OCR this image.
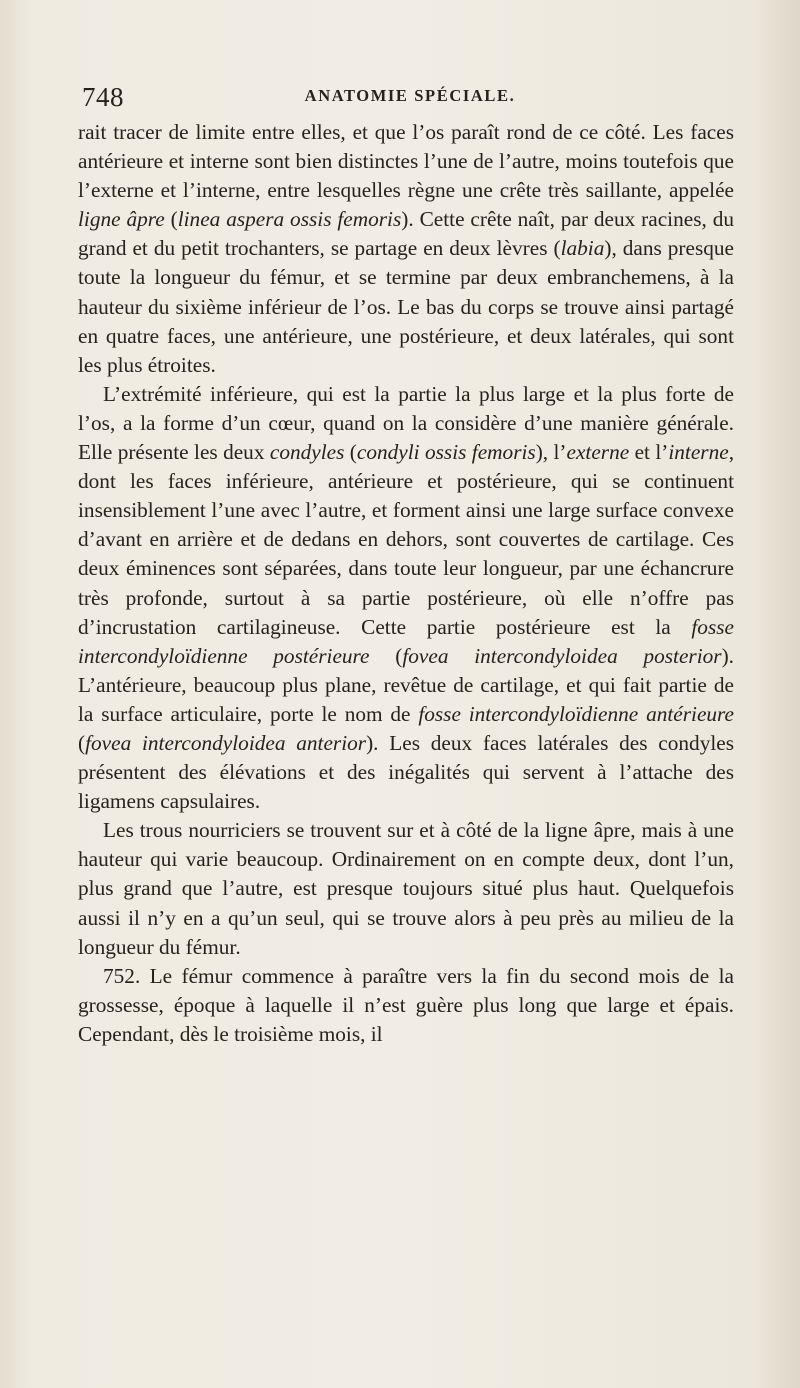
748	ANATOMIE SPÉCIALE.

rait tracer de limite entre elles, et que l’os paraît rond de ce côté. Les faces antérieure et interne sont bien distinctes l’une de l’autre, moins toutefois que l’externe et l’interne, entre lesquelles règne une crête très saillante, appelée ligne âpre (linea aspera ossis femoris). Cette crête naît, par deux racines, du grand et du petit trochanters, se partage en deux lèvres (labia), dans presque toute la longueur du fémur, et se termine par deux embranchemens, à la hauteur du sixième inférieur de l’os. Le bas du corps se trouve ainsi partagé en quatre faces, une antérieure, une postérieure, et deux latérales, qui sont les plus étroites.

L’extrémité inférieure, qui est la partie la plus large et la plus forte de l’os, a la forme d’un cœur, quand on la considère d’une manière générale. Elle présente les deux condyles (condyli ossis femoris), l’externe et l’interne, dont les faces inférieure, antérieure et postérieure, qui se continuent insensiblement l’une avec l’autre, et forment ainsi une large surface convexe d’avant en arrière et de dedans en dehors, sont couvertes de cartilage. Ces deux éminences sont séparées, dans toute leur longueur, par une échancrure très profonde, surtout à sa partie postérieure, où elle n’offre pas d’incrustation cartilagineuse. Cette partie postérieure est la fosse intercondyloïdienne postérieure (fovea intercondyloidea posterior). L’antérieure, beaucoup plus plane, revêtue de cartilage, et qui fait partie de la surface articulaire, porte le nom de fosse intercondyloïdienne antérieure (fovea intercondyloidea anterior). Les deux faces latérales des condyles présentent des élévations et des inégalités qui servent à l’attache des ligamens capsulaires.

Les trous nourriciers se trouvent sur et à côté de la ligne âpre, mais à une hauteur qui varie beaucoup. Ordinairement on en compte deux, dont l’un, plus grand que l’autre, est presque toujours situé plus haut. Quelquefois aussi il n’y en a qu’un seul, qui se trouve alors à peu près au milieu de la longueur du fémur.

752. Le fémur commence à paraître vers la fin du second mois de la grossesse, époque à laquelle il n’est guère plus long que large et épais. Cependant, dès le troisième mois, il
